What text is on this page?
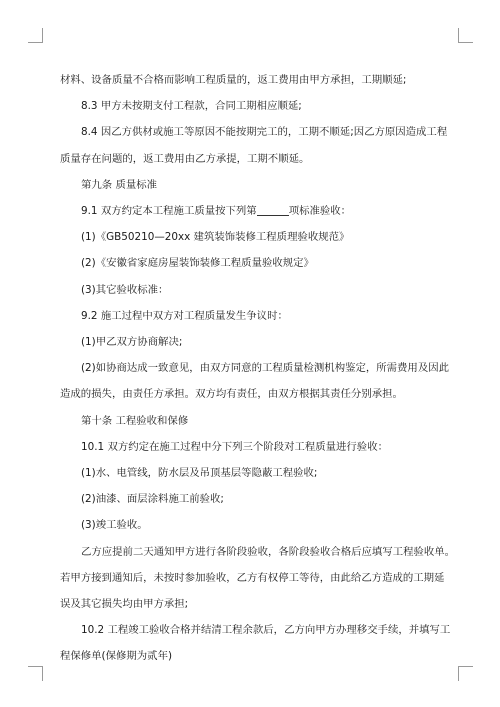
材料、设备质量不合格而影响工程质量的，返工费用由甲方承担，工期顺延;

8.3 甲方未按期支付工程款，合同工期相应顺延;

8.4 因乙方供材或施工等原因不能按期完工的，工期不顺延;因乙方原因造成工程

质量存在问题的，返工费用由乙方承提，工期不顺延。

第九条 质量标准

9.1 双方约定本工程施工质量按下列第	项标准验收：

(1)《GB50210—20xx 建筑装饰装修工程质理验收规范》

(2)《安徽省家庭房屋装饰装修工程质量验收规定》

(3)其它验收标准：

9.2 施工过程中双方对工程质量发生争议时：

(1)甲乙双方协商解决;

(2)如协商达成一致意见，由双方同意的工程质量检测机构鉴定，所需费用及因此

造成的损失，由责任方承担。双方均有责任，由双方根据其责任分别承担。

第十条 工程验收和保修

10.1 双方约定在施工过程中分下列三个阶段对工程质量进行验收：

(1)水、电管线，防水层及吊顶基层等隐蔽工程验收;

(2)油漆、面层涂料施工前验收;

(3)竣工验收。

乙方应提前二天通知甲方进行各阶段验收，各阶段验收合格后应填写工程验收单。

若甲方接到通知后，未按时参加验收，乙方有权停工等待，由此给乙方造成的工期延

误及其它损失均由甲方承担;

10.2 工程竣工验收合格并结清工程余款后，乙方向甲方办理移交手续，并填写工

程保修单(保修期为贰年)
